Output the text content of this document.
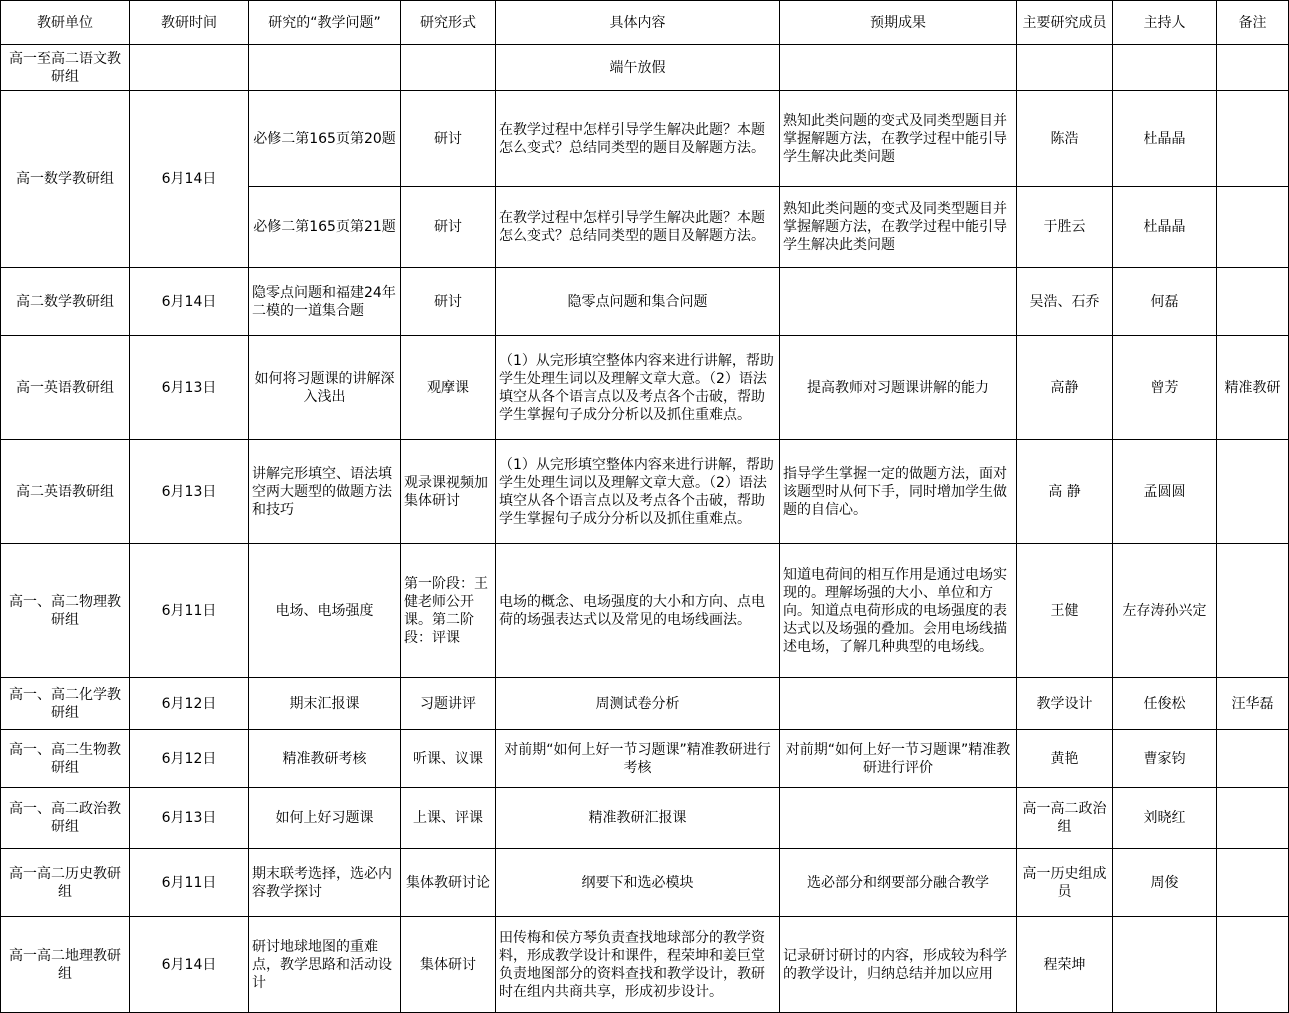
教研单位	教研时间	研究的“教学问题”	研究形式	具体内容	预期成果	主要研究成员	主持人	备注
高一至高二语文教研组				端午放假				
高一数学教研组	6月14日	必修二第165页第20题	研讨	在教学过程中怎样引导学生解决此题？本题怎么变式？总结同类型的题目及解题方法。	熟知此类问题的变式及同类型题目并掌握解题方法，在教学过程中能引导学生解决此类问题	陈浩	杜晶晶	
		必修二第165页第21题	研讨	在教学过程中怎样引导学生解决此题？本题怎么变式？总结同类型的题目及解题方法。	熟知此类问题的变式及同类型题目并掌握解题方法，在教学过程中能引导学生解决此类问题	于胜云	杜晶晶	
高二数学教研组	6月14日	隐零点问题和福建24年二模的一道集合题	研讨	隐零点问题和集合问题		吴浩、石乔	何磊	
高一英语教研组	6月13日	如何将习题课的讲解深入浅出	观摩课	（1）从完形填空整体内容来进行讲解，帮助学生处理生词以及理解文章大意。（2）语法填空从各个语言点以及考点各个击破，帮助学生掌握句子成分分析以及抓住重难点。	提高教师对习题课讲解的能力	高静	曾芳	精准教研
高二英语教研组	6月13日	讲解完形填空、语法填空两大题型的做题方法和技巧	观录课视频加集体研讨	（1）从完形填空整体内容来进行讲解，帮助学生处理生词以及理解文章大意。（2）语法填空从各个语言点以及考点各个击破，帮助学生掌握句子成分分析以及抓住重难点。	指导学生掌握一定的做题方法，面对该题型时从何下手，同时增加学生做题的自信心。	高 静	孟圆圆	
高一、高二物理教研组	6月11日	电场、电场强度	第一阶段：王健老师公开课。第二阶段：评课	电场的概念、电场强度的大小和方向、点电荷的场强表达式以及常见的电场线画法。	知道电荷间的相互作用是通过电场实现的。理解场强的大小、单位和方向。知道点电荷形成的电场强度的表达式以及场强的叠加。会用电场线描述电场，了解几种典型的电场线。	王健	左存涛孙兴定	
高一、高二化学教研组	6月12日	期末汇报课	习题讲评	周测试卷分析		教学设计	任俊松	汪华磊
高一、高二生物教研组	6月12日	精准教研考核	听课、议课	对前期“如何上好一节习题课”精准教研进行考核	对前期“如何上好一节习题课”精准教研进行评价	黄艳	曹家钧	
高一、高二政治教研组	6月13日	如何上好习题课	上课、评课	精准教研汇报课		高一高二政治组	刘晓红	
高一高二历史教研组	6月11日	期末联考选择，选必内容教学探讨	集体教研讨论	纲要下和选必模块	选必部分和纲要部分融合教学	高一历史组成员	周俊	
高一高二地理教研组	6月14日	研讨地球地图的重难点，教学思路和活动设计	集体研讨	田传梅和侯方琴负责查找地球部分的教学资料，形成教学设计和课件，程荣坤和姜巨堂负责地图部分的资料查找和教学设计，教研时在组内共商共享，形成初步设计。	记录研讨研讨的内容，形成较为科学的教学设计，归纳总结并加以应用	程荣坤		
